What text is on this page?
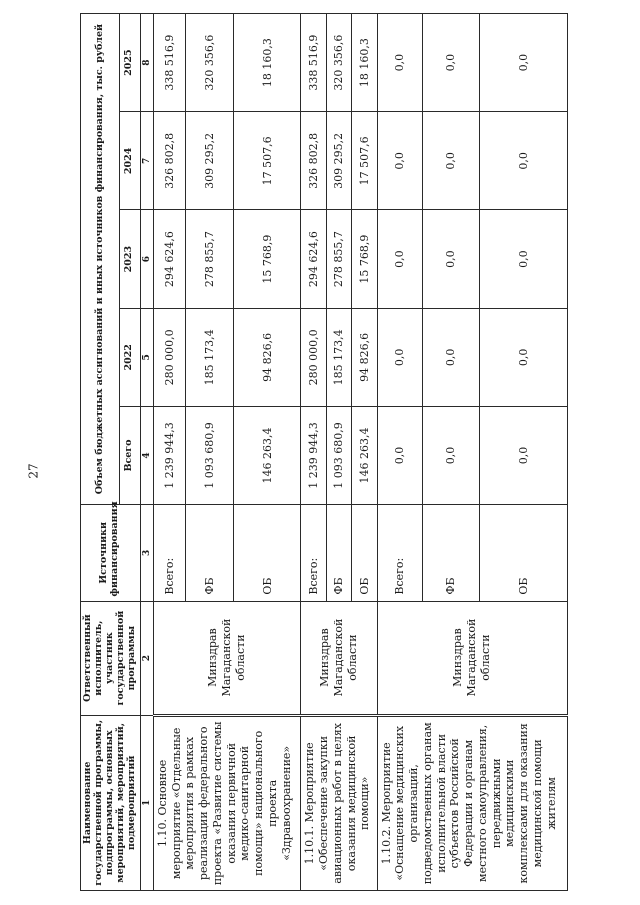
27
Наименование государственной программы, подпрограммы, основных мероприятий, мероприятий, подмероприятий	Ответственный исполнитель, участник государственной программы	Источники финансирования	Объем бюджетных ассигнований и иных источников финансирования, тыс. рублей				
			Всего	2022	2023	2024	2025
1	2	3	4	5	6	7	8
1.10. Основное мероприятие «Отдельные мероприятия в рамках реализации федерального проекта «Развитие системы оказания первичной медико-санитарной помощи» национального проекта «Здравоохранение»	Минздрав Магаданской области	Всего:	1 239 944,3	280 000,0	294 624,6	326 802,8	338 516,9
		ФБ	1 093 680,9	185 173,4	278 855,7	309 295,2	320 356,6
		ОБ	146 263,4	94 826,6	15 768,9	17 507,6	18 160,3
1.10.1. Мероприятие «Обеспечение закупки авиационных работ в целях оказания медицинской помощи»	Минздрав Магаданской области	Всего:	1 239 944,3	280 000,0	294 624,6	326 802,8	338 516,9
		ФБ	1 093 680,9	185 173,4	278 855,7	309 295,2	320 356,6
		ОБ	146 263,4	94 826,6	15 768,9	17 507,6	18 160,3
1.10.2. Мероприятие «Оснащение медицинских организаций, подведомственных органам исполнительной власти субъектов Российской Федерации и органам местного самоуправления, передвижными медицинскими комплексами для оказания медицинской помощи жителям	Минздрав Магаданской области	Всего:	0,0	0,0	0,0	0,0	0,0
		ФБ	0,0	0,0	0,0	0,0	0,0
		ОБ	0,0	0,0	0,0	0,0	0,0
